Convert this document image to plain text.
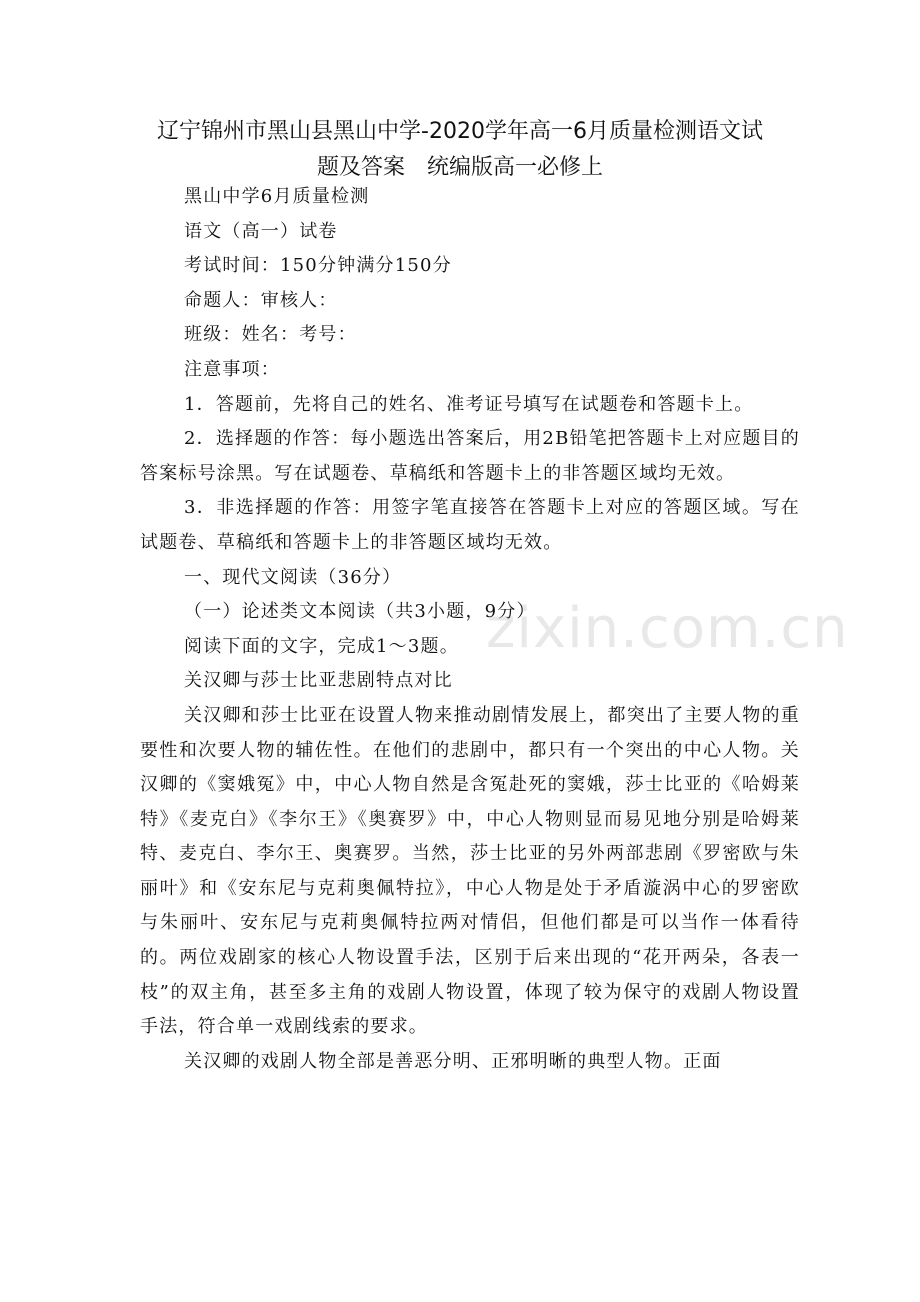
辽宁锦州市黑山县黑山中学-2020学年高一6月质量检测语文试
题及答案　统编版高一必修上
黑山中学6月质量检测
语文（高一）试卷
考试时间：150分钟满分150分
命题人：审核人：
班级：姓名：考号：
注意事项：

1．答题前，先将自己的姓名、准考证号填写在试题卷和答题卡上。

2．选择题的作答：每小题选出答案后，用2B铅笔把答题卡上对应题目的答案标号涂黑。写在试题卷、草稿纸和答题卡上的非答题区域均无效。

3．非选择题的作答：用签字笔直接答在答题卡上对应的答题区域。写在试题卷、草稿纸和答题卡上的非答题区域均无效。

一、现代文阅读（36分）
（一）论述类文本阅读（共3小题，9分）
阅读下面的文字，完成1～3题。
关汉卿与莎士比亚悲剧特点对比

关汉卿和莎士比亚在设置人物来推动剧情发展上，都突出了主要人物的重要性和次要人物的辅佐性。在他们的悲剧中，都只有一个突出的中心人物。关汉卿的《窦娥冤》中，中心人物自然是含冤赴死的窦娥，莎士比亚的《哈姆莱特》《麦克白》《李尔王》《奥赛罗》中，中心人物则显而易见地分别是哈姆莱特、麦克白、李尔王、奥赛罗。当然，莎士比亚的另外两部悲剧《罗密欧与朱丽叶》和《安东尼与克莉奥佩特拉》，中心人物是处于矛盾漩涡中心的罗密欧与朱丽叶、安东尼与克莉奥佩特拉两对情侣，但他们都是可以当作一体看待的。两位戏剧家的核心人物设置手法，区别于后来出现的“花开两朵，各表一枝”的双主角，甚至多主角的戏剧人物设置，体现了较为保守的戏剧人物设置手法，符合单一戏剧线索的要求。

关汉卿的戏剧人物全部是善恶分明、正邪明晰的典型人物。正面

zixin.com.cn
